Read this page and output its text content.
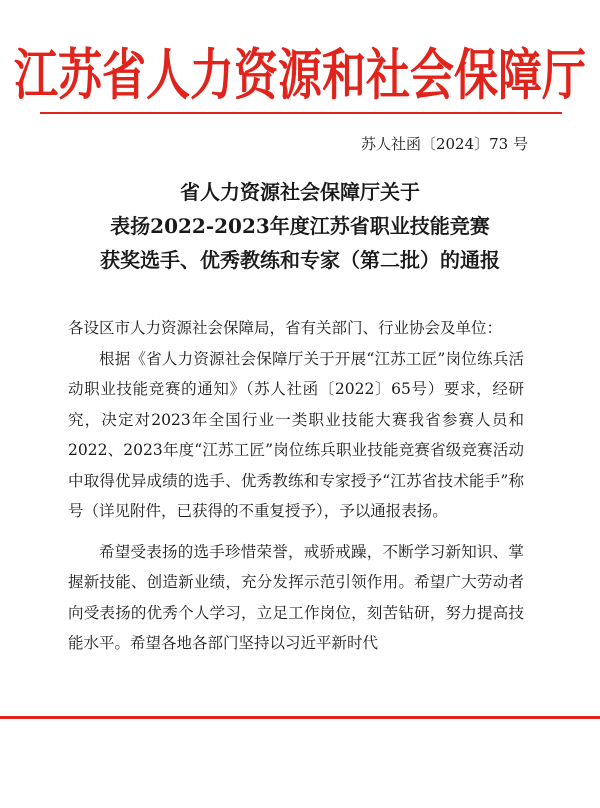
江苏省人力资源和社会保障厅
苏人社函〔2024〕73 号
省人力资源社会保障厅关于
表扬2022-2023年度江苏省职业技能竞赛
获奖选手、优秀教练和专家（第二批）的通报

各设区市人力资源社会保障局，省有关部门、行业协会及单位：

根据《省人力资源社会保障厅关于开展“江苏工匠”岗位练兵活动职业技能竞赛的通知》（苏人社函〔2022〕65号）要求，经研究，决定对2023年全国行业一类职业技能大赛我省参赛人员和2022、2023年度“江苏工匠”岗位练兵职业技能竞赛省级竞赛活动中取得优异成绩的选手、优秀教练和专家授予“江苏省技术能手”称号（详见附件，已获得的不重复授予），予以通报表扬。

希望受表扬的选手珍惜荣誉，戒骄戒躁，不断学习新知识、掌握新技能、创造新业绩，充分发挥示范引领作用。希望广大劳动者向受表扬的优秀个人学习，立足工作岗位，刻苦钻研，努力提高技能水平。希望各地各部门坚持以习近平新时代
